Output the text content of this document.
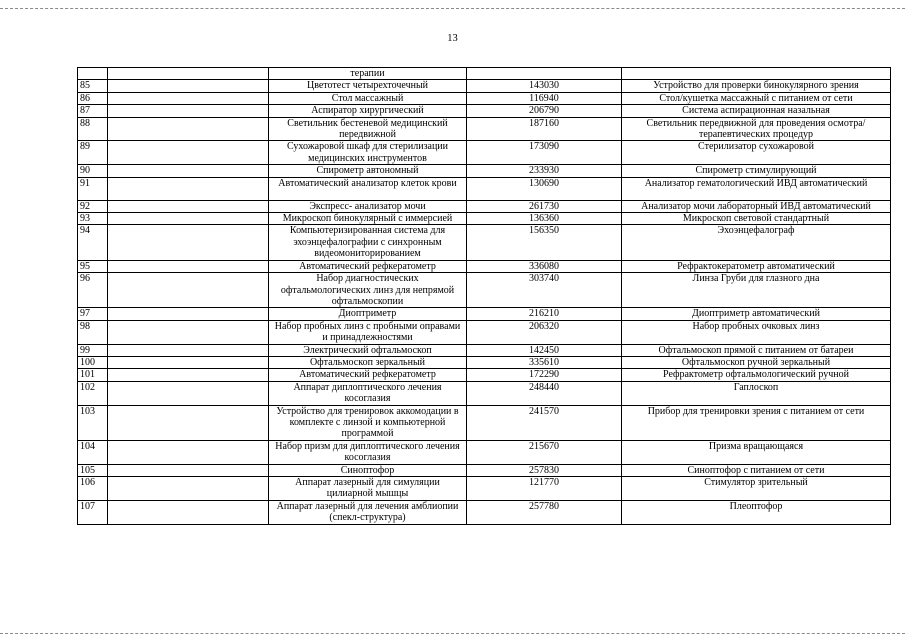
13
		терапии		
85		Цветотест четырехточечный	143030	Устройство для проверки бинокулярного зрения
86		Стол массажный	116940	Стол/кушетка массажный с питанием от сети
87		Аспиратор хирургический	206790	Система аспирационная назальная
88		Светильник бестеневой медицинский передвижной	187160	Светильник передвижной для проведения осмотра/терапевтических процедур
89		Сухожаровой шкаф для стерилизации медицинских инструментов	173090	Стерилизатор сухожаровой
90		Спирометр автономный	233930	Спирометр стимулирующий
91		Автоматический анализатор клеток крови	130690	Анализатор гематологический ИВД автоматический
92		Экспресс- анализатор мочи	261730	Анализатор мочи лабораторный ИВД автоматический
93		Микроскоп бинокулярный с иммерсией	136360	Микроскоп световой стандартный
94		Компьютеризированная система для эхоэнцефалографии с синхронным видеомониторированием	156350	Эхоэнцефалограф
95		Автоматический рефкератометр	336080	Рефрактокератометр автоматический
96		Набор диагностических офтальмологических линз для непрямой офтальмоскопии	303740	Линза Груби для глазного дна
97		Диоптриметр	216210	Диоптриметр автоматический
98		Набор пробных линз с пробными оправами и принадлежностями	206320	Набор пробных очковых линз
99		Электрический офтальмоскоп	142450	Офтальмоскоп прямой с питанием от батареи
100		Офтальмоскоп зеркальный	335610	Офтальмоскоп ручной зеркальный
101		Автоматический рефкератометр	172290	Рефрактометр офтальмологический ручной
102		Аппарат диплоптического лечения косоглазия	248440	Гаплоскоп
103		Устройство для тренировок аккомодации в комплекте с линзой и компьютерной программой	241570	Прибор для тренировки зрения с питанием от сети
104		Набор призм для диплоптического лечения косоглазия	215670	Призма вращающаяся
105		Синоптофор	257830	Синоптофор с питанием от сети
106		Аппарат лазерный для симуляции цилиарной мышцы	121770	Стимулятор зрительный
107		Аппарат лазерный для лечения амблиопии (спекл-структура)	257780	Плеоптофор
